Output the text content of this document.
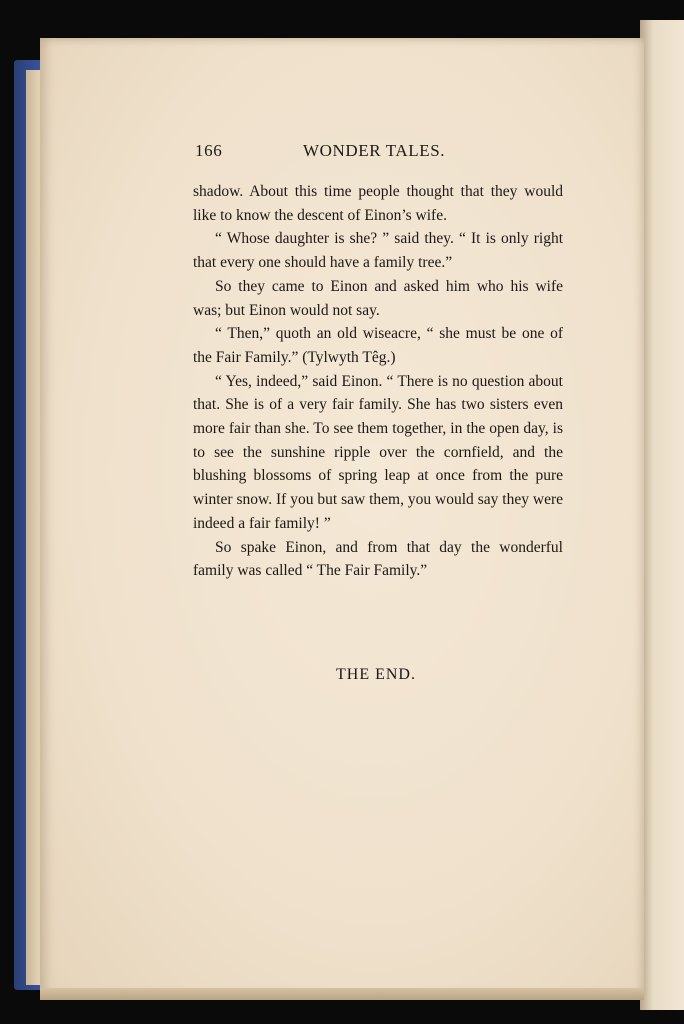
166	WONDER TALES.

shadow. About this time people thought that they would like to know the descent of Einon’s wife.

“ Whose daughter is she? ” said they. “ It is only right that every one should have a family tree.”

So they came to Einon and asked him who his wife was; but Einon would not say.

“ Then,” quoth an old wiseacre, “ she must be one of the Fair Family.” (Tylwyth Têg.)

“ Yes, indeed,” said Einon. “ There is no question about that. She is of a very fair family. She has two sisters even more fair than she. To see them together, in the open day, is to see the sunshine ripple over the cornfield, and the blushing blossoms of spring leap at once from the pure winter snow. If you but saw them, you would say they were indeed a fair family! ”

So spake Einon, and from that day the wonderful family was called “ The Fair Family.”

THE END.
